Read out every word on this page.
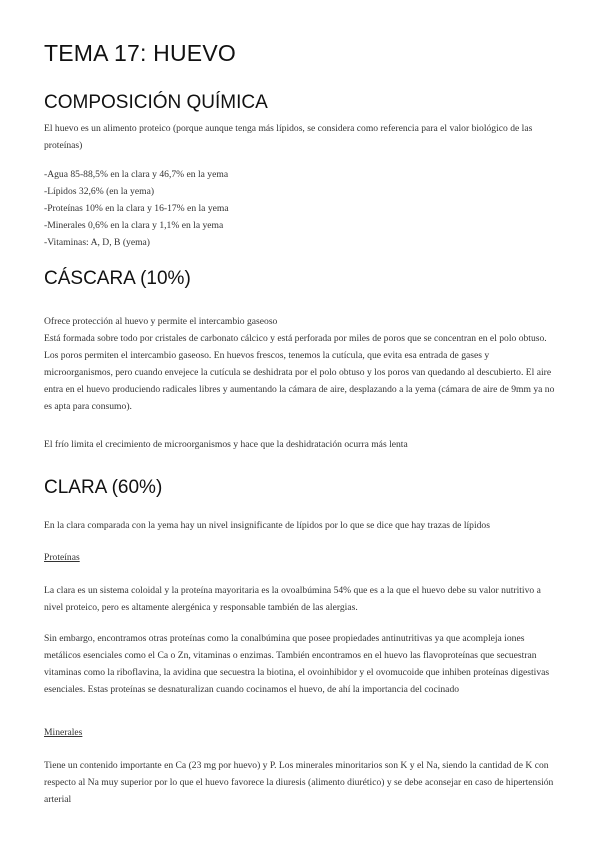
TEMA 17: HUEVO
COMPOSICIÓN QUÍMICA

El huevo es un alimento proteico (porque aunque tenga más lípidos, se considera como referencia para el valor biológico de las proteínas)

-Agua 85-88,5% en la clara y 46,7% en la yema
-Lípidos 32,6% (en la yema)
-Proteínas 10% en la clara y 16-17% en la yema
-Minerales 0,6% en la clara y 1,1% en la yema
-Vitaminas: A, D, B (yema)
CÁSCARA (10%)

Ofrece protección al huevo y permite el intercambio gaseoso

Está formada sobre todo por cristales de carbonato cálcico y está perforada por miles de poros que se concentran en el polo obtuso. Los poros permiten el intercambio gaseoso. En huevos frescos, tenemos la cutícula, que evita esa entrada de gases y microorganismos, pero cuando envejece la cutícula se deshidrata por el polo obtuso y los poros van quedando al descubierto. El aire entra en el huevo produciendo radicales libres y aumentando la cámara de aire, desplazando a la yema (cámara de aire de 9mm ya no es apta para consumo).

El frío limita el crecimiento de microorganismos y hace que la deshidratación ocurra más lenta

CLARA (60%)

En la clara comparada con la yema hay un nivel insignificante de lípidos por lo que se dice que hay trazas de lípidos

Proteínas

La clara es un sistema coloidal y la proteína mayoritaria es la ovoalbúmina 54% que es a la que el huevo debe su valor nutritivo a nivel proteico, pero es altamente alergénica y responsable también de las alergias.

Sin embargo, encontramos otras proteínas como la conalbúmina que posee propiedades antinutritivas ya que acompleja iones metálicos esenciales como el Ca o Zn, vitaminas o enzimas. También encontramos en el huevo las flavoproteínas que secuestran vitaminas como la riboflavina, la avidina que secuestra la biotina, el ovoinhibidor y el ovomucoide que inhiben proteínas digestivas esenciales. Estas proteínas se desnaturalizan cuando cocinamos el huevo, de ahí la importancia del cocinado

Minerales

Tiene un contenido importante en Ca (23 mg por huevo) y P. Los minerales minoritarios son K y el Na, siendo la cantidad de K con respecto al Na muy superior por lo que el huevo favorece la diuresis (alimento diurético) y se debe aconsejar en caso de hipertensión arterial
